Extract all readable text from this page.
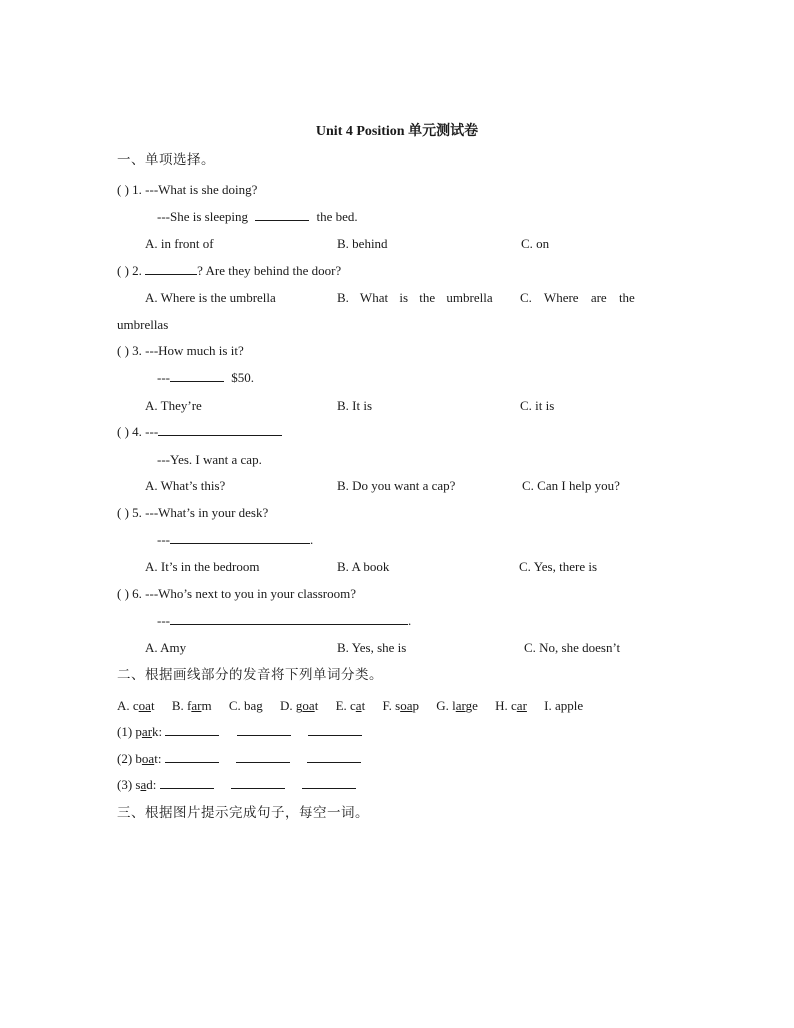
Unit 4 Position 单元测试卷
一、单项选择。
( ) 1. ---What is she doing?
---She is sleeping	the bed.
A. in front of	B. behind	C. on
( ) 2.	? Are they behind the door?
A. Where is the umbrella	B. What is the umbrella C. Where are the
umbrellas
( ) 3. ---How much is it?
---	$50.
A. They’re	B. It is	C. it is
( ) 4. ---
---Yes. I want a cap.
A. What’s this?	B. Do you want a cap?	C. Can I help you?
( ) 5. ---What’s in your desk?
---	.
A. It’s in the bedroom	B. A book	C. Yes, there is
( ) 6. ---Who’s next to you in your classroom?
---	.
A. Amy	B. Yes, she is	C. No, she doesn’t
二、根据画线部分的发音将下列单词分类。
A. coat B. farm C. bag D. goat E. cat F. soap G. large H. car I. apple
(1) park:
(2) boat:
(3) sad:
三、根据图片提示完成句子，每空一词。
